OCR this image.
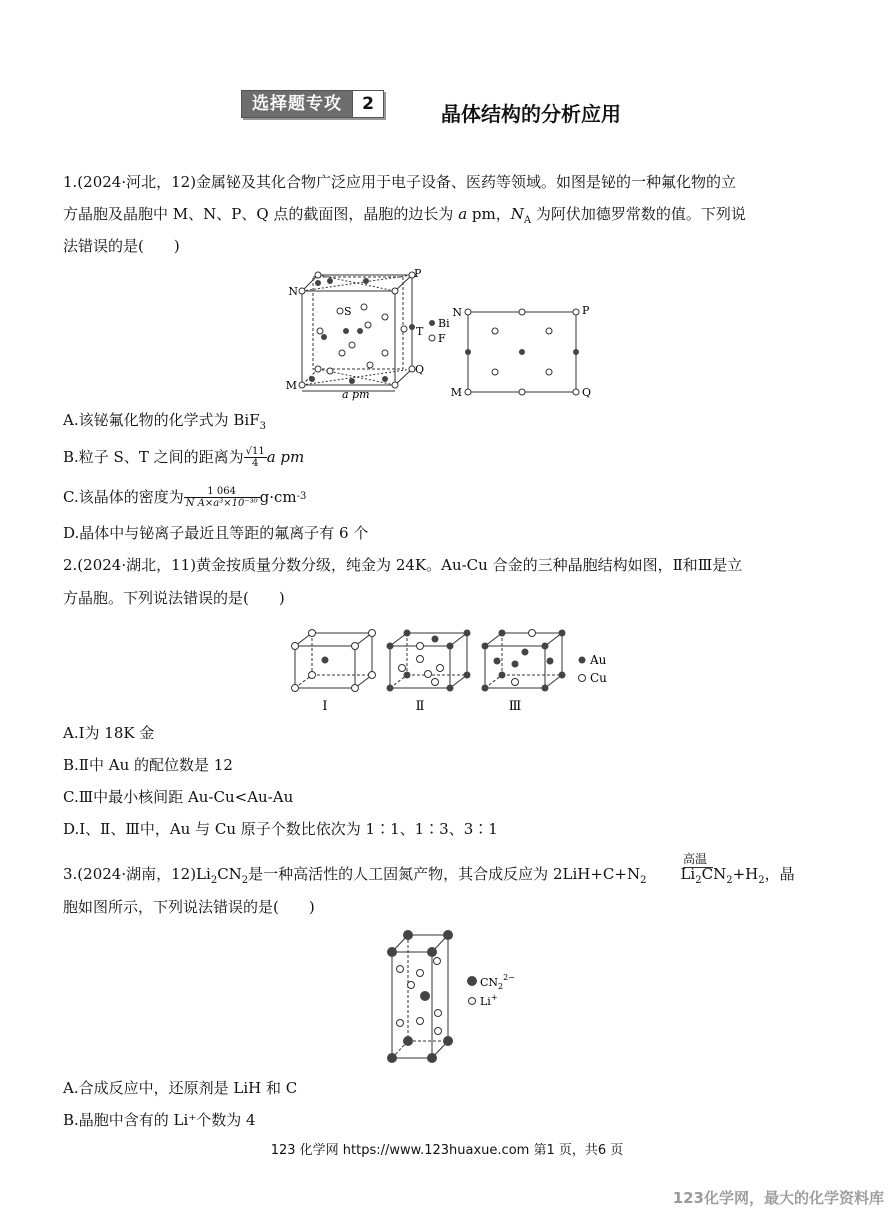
选择题专攻	2	晶体结构的分析应用
1.(2024·河北，12)金属铋及其化合物广泛应用于电子设备、医药等领域。如图是铋的一种氟化物的立
方晶胞及晶胞中 M、N、P、Q 点的截面图，晶胞的边长为 a pm，$N_A$ 为阿伏加德罗常数的值。下列说
法错误的是(　　)
N
P
M
Q
S
T
a pm
Bi
F
N	P
M	Q
A.该铋氟化物的化学式为 BiF$_3$
B.粒子 S、T 之间的距离为 $\frac{√11}{4}$ a pm
C.该晶体的密度为 $\frac{1 064}{\text{N A×a³×10⁻³⁰}} g\cdot cm$ -3
D.晶体中与铋离子最近且等距的氟离子有 6 个
2.(2024·湖北，11)黄金按质量分数分级，纯金为 24K。Au-Cu 合金的三种晶胞结构如图，Ⅱ和Ⅲ是立
方晶胞。下列说法错误的是(　　)
Ⅰ	Ⅱ	Ⅲ
Au
Cu
A.Ⅰ为 18K 金
B.Ⅱ中 Au 的配位数是 12
C.Ⅲ中最小核间距 Au-Cu<Au-Au
D.Ⅰ、Ⅱ、Ⅲ中，Au 与 Cu 原子个数比依次为 1∶1、1∶3、3∶1
高温
3.(2024·湖南，$12)Li_2CN_2$是一种高活性的人工固氮产物，其合成反应为 $2LiH+C+N_2$ $Li_2CN_2+H_2$，晶
胞如图所示，下列说法错误的是(　　)
$CN_2^{2-}$
Li+
A.合成反应中，还原剂是 LiH 和 C
B.晶胞中含有的 Li⁺个数为 4
123 化学网 https://www.123huaxue.com 第1 页，共6 页
123化学网，最大的化学资料库
